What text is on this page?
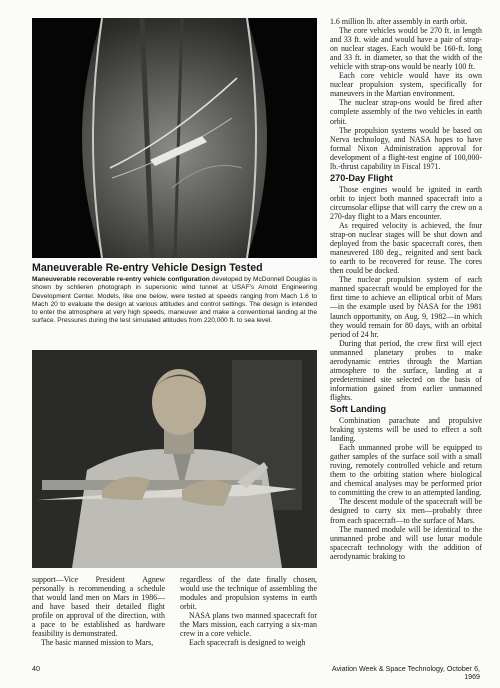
Maneuverable Re-entry Vehicle Design Tested

Maneuverable recoverable re-entry vehicle configuration developed by McDonnell Douglas is shown by schlieren photograph in supersonic wind tunnel at USAF's Arnold Engineering Development Center. Models, like one below, were tested at speeds ranging from Mach 1.6 to Mach 20 to evaluate the design at various attitudes and control settings. The design is intended to enter the atmosphere at very high speeds, maneuver and make a conventional landing at the surface. Pressures during the test simulated altitudes from 220,000 ft. to sea level.

support—Vice President Agnew personally is recommending a schedule that would land men on Mars in 1986—and have based their detailed flight profile on approval of the direction, with a pace to be established as hardware feasibility is demonstrated.

The basic manned mission to Mars,

regardless of the date finally chosen, would use the technique of assembling the modules and propulsion systems in earth orbit.

NASA plans two manned spacecraft for the Mars mission, each carrying a six-man crew in a core vehicle.

Each spacecraft is designed to weigh

1.6 million lb. after assembly in earth orbit.

The core vehicles would be 270 ft. in length and 33 ft. wide and would have a pair of strap-on nuclear stages. Each would be 160-ft. long and 33 ft. in diameter, so that the width of the vehicle with strap-ons would be nearly 100 ft.

Each core vehicle would have its own nuclear propulsion system, specifically for maneuvers in the Martian environment.

The nuclear strap-ons would be fired after complete assembly of the two vehicles in earth orbit.

The propulsion systems would be based on Nerva technology, and NASA hopes to have formal Nixon Administration approval for development of a flight-test engine of 100,000-lb.-thrust capability in Fiscal 1971.

270-Day Flight

Those engines would be ignited in earth orbit to inject both manned spacecraft into a circumsolar ellipse that will carry the crew on a 270-day flight to a Mars encounter.

As required velocity is achieved, the four strap-on nuclear stages will be shut down and deployed from the basic spacecraft cores, then maneuvered 180 deg., reignited and sent back to earth to be recovered for reuse. The cores then could be docked.

The nuclear propulsion system of each manned spacecraft would be employed for the first time to achieve an elliptical orbit of Mars—in the example used by NASA for the 1981 launch opportunity, on Aug. 9, 1982—in which they would remain for 80 days, with an orbital period of 24 hr.

During that period, the crew first will eject unmanned planetary probes to make aerodynamic entries through the Martian atmosphere to the surface, landing at a predetermined site selected on the basis of information gained from earlier unmanned flights.

Soft Landing

Combination parachute and propulsive braking systems will be used to effect a soft landing.

Each unmanned probe will be equipped to gather samples of the surface soil with a small roving, remotely controlled vehicle and return them to the orbiting station where biological and chemical analyses may be performed prior to committing the crew to an attempted landing.

The descent module of the spacecraft will be designed to carry six men—probably three from each spacecraft—to the surface of Mars.

The manned module will be identical to the unmanned probe and will use lunar module spacecraft technology with the addition of aerodynamic braking to

40	Aviation Week & Space Technology, October 6, 1969
